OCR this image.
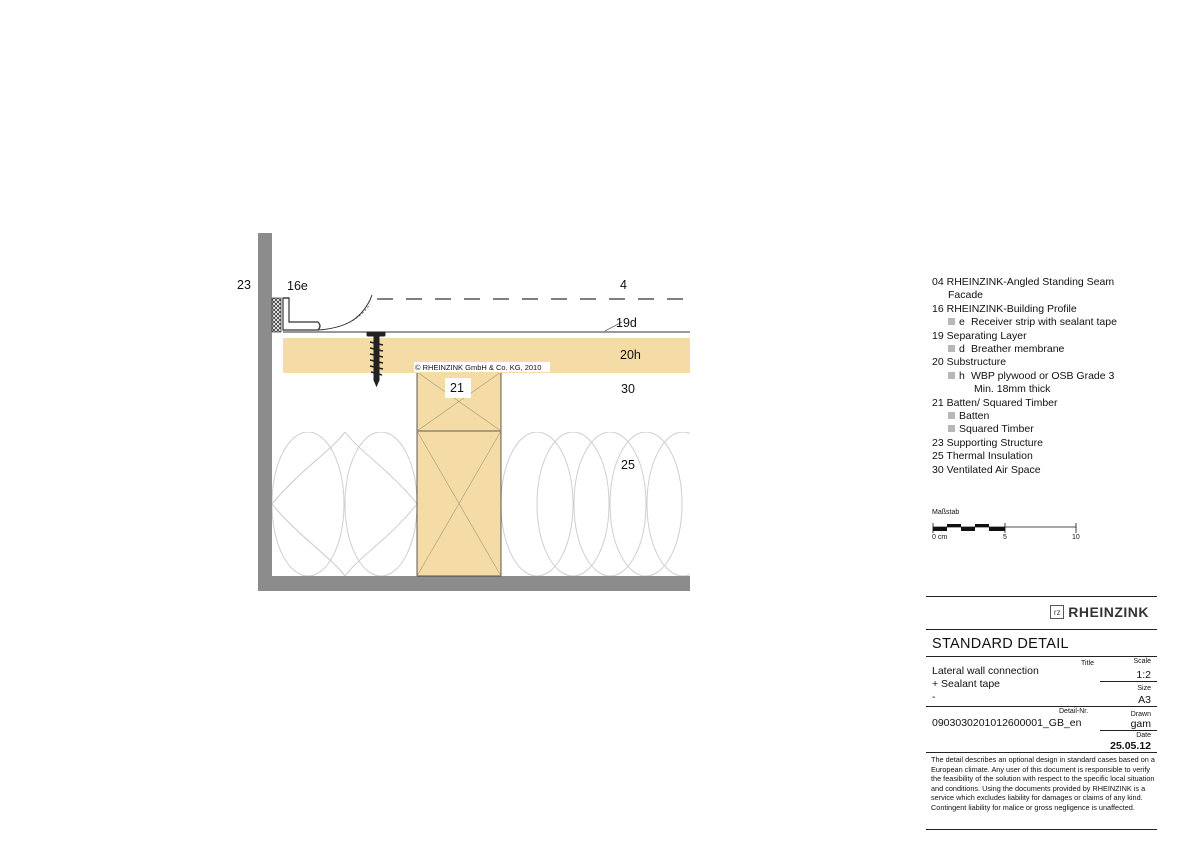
23	16e	4
19d
20h
21	30
25
© RHEINZINK GmbH & Co. KG, 2010
04 RHEINZINK-Angled Standing Seam
Facade
16 RHEINZINK-Building Profile
e Receiver strip with sealant tape
19 Separating Layer
d Breather membrane
20 Substructure
h WBP plywood or OSB Grade 3
Min. 18mm thick
21 Batten/ Squared Timber
Batten
Squared Timber
23 Supporting Structure
25 Thermal Insulation
30 Ventilated Air Space
Maßstab
0 cm	5	10
rz RHEINZINK
STANDARD DETAIL
Title
Lateral wall connection
+ Sealant tape
-
Scale
1:2
Size
A3
Detail-Nr.	Drawn
0903030201012600001_GB_en	gam
Date
25.05.12
The detail describes an optional design in standard cases based on a European climate. Any user of this document is responsible to verify the feasibility of the solution with respect to the specific local situation and conditions. Using the documents provided by RHEINZINK is a service which excludes liability for damages or claims of any kind. Contingent liability for malice or gross negligence is unaffected.
